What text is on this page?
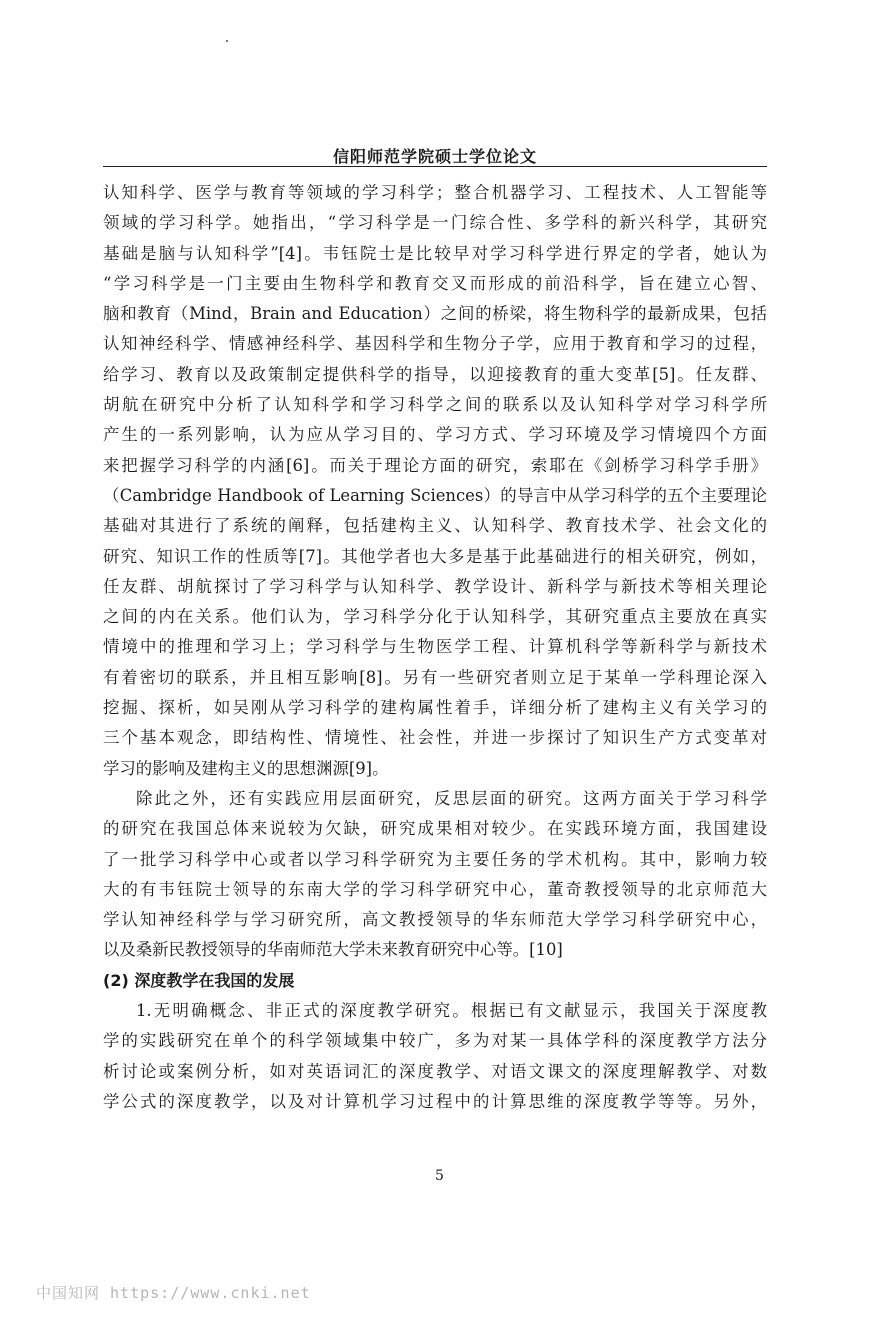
信阳师范学院硕士学位论文
认知科学、医学与教育等领域的学习科学；整合机器学习、工程技术、人工智能等
领域的学习科学。她指出，“学习科学是一门综合性、多学科的新兴科学，其研究
基础是脑与认知科学”[4]。韦钰院士是比较早对学习科学进行界定的学者，她认为
“学习科学是一门主要由生物科学和教育交叉而形成的前沿科学，旨在建立心智、
脑和教育（Mind，Brain and Education）之间的桥梁，将生物科学的最新成果，包括
认知神经科学、情感神经科学、基因科学和生物分子学，应用于教育和学习的过程，
给学习、教育以及政策制定提供科学的指导，以迎接教育的重大变革[5]。任友群、
胡航在研究中分析了认知科学和学习科学之间的联系以及认知科学对学习科学所
产生的一系列影响，认为应从学习目的、学习方式、学习环境及学习情境四个方面
来把握学习科学的内涵[6]。而关于理论方面的研究，索耶在《剑桥学习科学手册》
（Cambridge Handbook of Learning Sciences）的导言中从学习科学的五个主要理论
基础对其进行了系统的阐释，包括建构主义、认知科学、教育技术学、社会文化的
研究、知识工作的性质等[7]。其他学者也大多是基于此基础进行的相关研究，例如，
任友群、胡航探讨了学习科学与认知科学、教学设计、新科学与新技术等相关理论
之间的内在关系。他们认为，学习科学分化于认知科学，其研究重点主要放在真实
情境中的推理和学习上；学习科学与生物医学工程、计算机科学等新科学与新技术
有着密切的联系，并且相互影响[8]。另有一些研究者则立足于某单一学科理论深入
挖掘、探析，如吴刚从学习科学的建构属性着手，详细分析了建构主义有关学习的
三个基本观念，即结构性、情境性、社会性，并进一步探讨了知识生产方式变革对
学习的影响及建构主义的思想渊源[9]。
除此之外，还有实践应用层面研究，反思层面的研究。这两方面关于学习科学
的研究在我国总体来说较为欠缺，研究成果相对较少。在实践环境方面，我国建设
了一批学习科学中心或者以学习科学研究为主要任务的学术机构。其中，影响力较
大的有韦钰院士领导的东南大学的学习科学研究中心，董奇教授领导的北京师范大
学认知神经科学与学习研究所，高文教授领导的华东师范大学学习科学研究中心，
以及桑新民教授领导的华南师范大学未来教育研究中心等。[10]
(2) 深度教学在我国的发展
1.无明确概念、非正式的深度教学研究。根据已有文献显示，我国关于深度教
学的实践研究在单个的科学领域集中较广，多为对某一具体学科的深度教学方法分
析讨论或案例分析，如对英语词汇的深度教学、对语文课文的深度理解教学、对数
学公式的深度教学，以及对计算机学习过程中的计算思维的深度教学等等。另外，
5
中国知网 https://www.cnki.net
